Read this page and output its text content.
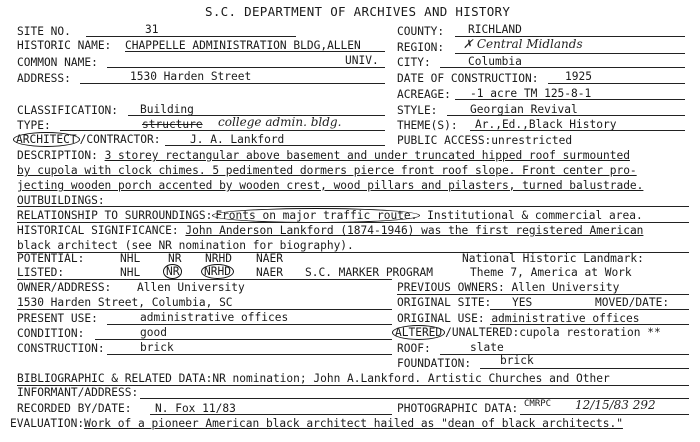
S.C. DEPARTMENT OF ARCHIVES AND HISTORY
SITE NO.	31	COUNTY: RICHLAND
HISTORIC NAME: CHAPPELLE ADMINISTRATION BLDG,ALLEN	REGION: ✗ Central Midlands
COMMON NAME:	UNIV. CITY:	Columbia
ADDRESS:	1530 Harden Street	DATE OF CONSTRUCTION: 1925
ACREAGE: -1 acre TM 125-8-1
CLASSIFICATION: Building	STYLE:	Georgian Revival
TYPE:	structure college admin. bldg.	THEME(S): Ar.,Ed.,Black History
ARCHITECT /CONTRACTOR:	J. A. Lankford	PUBLIC ACCESS:unrestricted
DESCRIPTION: 3 storey rectangular above basement and under truncated hipped roof surmounted
by cupola with clock chimes. 5 pedimented dormers pierce front roof slope. Front center pro-
jecting wooden porch accented by wooden crest, wood pillars and pilasters, turned balustrade.
OUTBUILDINGS:
RELATIONSHIP TO SURROUNDINGS: Fronts on major traffic route. Institutional & commercial area.
HISTORICAL SIGNIFICANCE: John Anderson Lankford (1874-1946) was the first registered American
black architect (see NR nomination for biography).
POTENTIAL:	NHL NR NRHD NAER	National Historic Landmark:
LISTED:	NHL NR NRHD NAER S.C. MARKER PROGRAM	Theme 7, America at Work
OWNER/ADDRESS: Allen University
1530 Harden Street, Columbia, SC
PREVIOUS OWNERS: Allen University
ORIGINAL SITE: YES	MOVED/DATE:
PRESENT USE:	administrative offices	ORIGINAL USE: administrative offices
CONDITION:	good	ALTERED /UNALTERED:cupola restoration **
CONSTRUCTION:	brick	ROOF:	slate
FOUNDATION:	brick
BIBLIOGRAPHIC & RELATED DATA:NR nomination; John A.Lankford. Artistic Churches and Other
INFORMANT/ADDRESS:
RECORDED BY/DATE: N. Fox 11/83	PHOTOGRAPHIC DATA: CMRPC 12/15/83 292
EVALUATION:Work of a pioneer American black architect hailed as "dean of black architects."
